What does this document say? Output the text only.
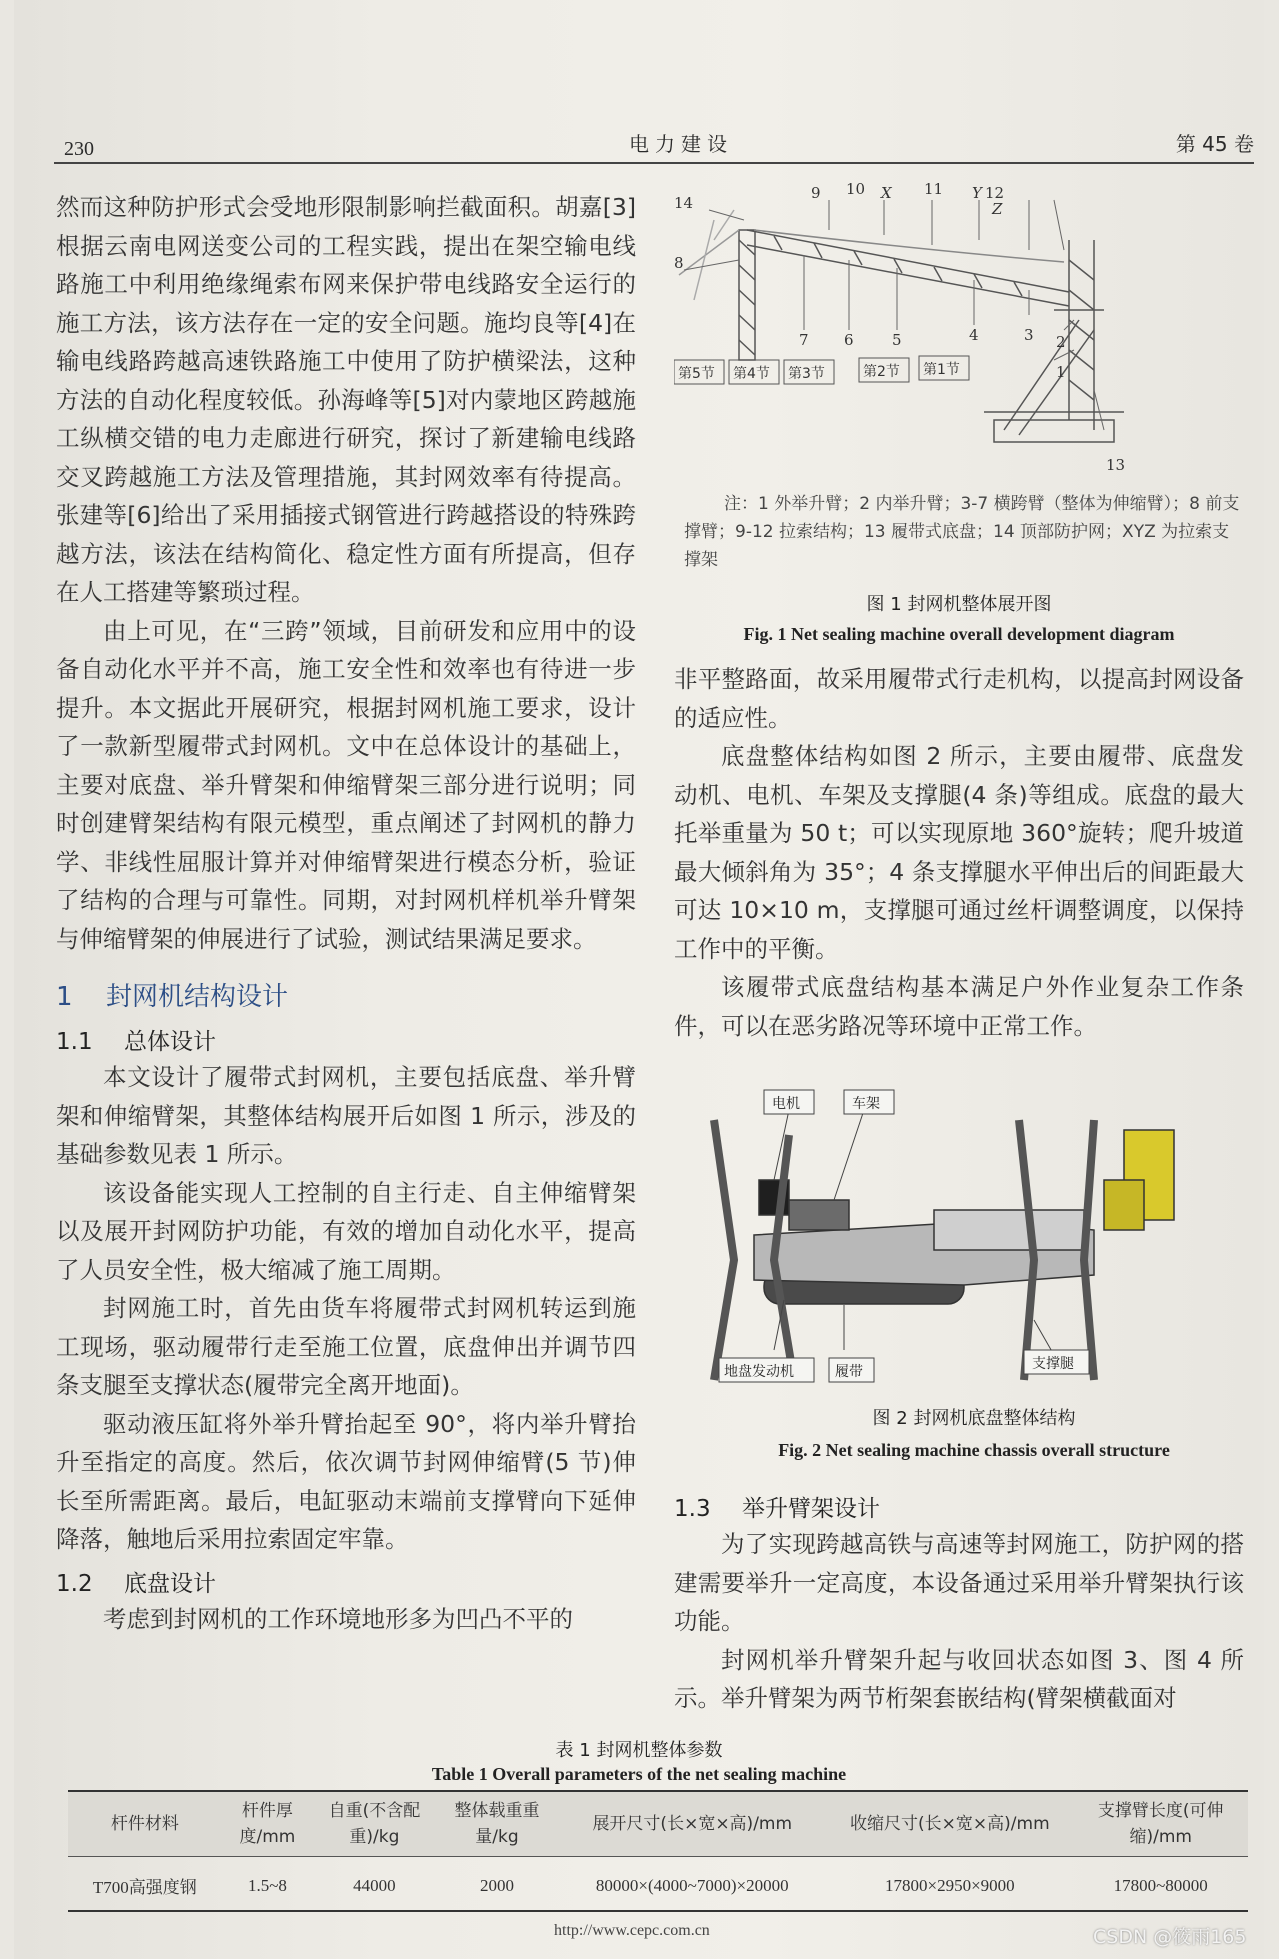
230	电力建设	第 45 卷

然而这种防护形式会受地形限制影响拦截面积。胡嘉[3]根据云南电网送变公司的工程实践，提出在架空输电线路施工中利用绝缘绳索布网来保护带电线路安全运行的施工方法，该方法存在一定的安全问题。施均良等[4]在输电线路跨越高速铁路施工中使用了防护横梁法，这种方法的自动化程度较低。孙海峰等[5]对内蒙地区跨越施工纵横交错的电力走廊进行研究，探讨了新建输电线路交叉跨越施工方法及管理措施，其封网效率有待提高。张建等[6]给出了采用插接式钢管进行跨越搭设的特殊跨越方法，该法在结构简化、稳定性方面有所提高，但存在人工搭建等繁琐过程。

由上可见，在“三跨”领域，目前研发和应用中的设备自动化水平并不高，施工安全性和效率也有待进一步提升。本文据此开展研究，根据封网机施工要求，设计了一款新型履带式封网机。文中在总体设计的基础上，主要对底盘、举升臂架和伸缩臂架三部分进行说明；同时创建臂架结构有限元模型，重点阐述了封网机的静力学、非线性屈服计算并对伸缩臂架进行模态分析，验证了结构的合理与可靠性。同期，对封网机样机举升臂架与伸缩臂架的伸展进行了试验，测试结果满足要求。

1 封网机结构设计
1.1 总体设计

本文设计了履带式封网机，主要包括底盘、举升臂架和伸缩臂架，其整体结构展开后如图 1 所示，涉及的基础参数见表 1 所示。

该设备能实现人工控制的自主行走、自主伸缩臂架以及展开封网防护功能，有效的增加自动化水平，提高了人员安全性，极大缩减了施工周期。

封网施工时，首先由货车将履带式封网机转运到施工现场，驱动履带行走至施工位置，底盘伸出并调节四条支腿至支撑状态(履带完全离开地面)。

驱动液压缸将外举升臂抬起至 90°，将内举升臂抬升至指定的高度。然后，依次调节封网伸缩臂(5 节)伸长至所需距离。最后，电缸驱动末端前支撑臂向下延伸降落，触地后采用拉索固定牢靠。

1.2 底盘设计

考虑到封网机的工作环境地形多为凹凸不平的

14
8
9 10 X 11 Y 12
Z
7 6	5	4	3 2
1
13
第5节 第4节 第3节	第2节 第1节
注：1 外举升臂；2 内举升臂；3-7 横跨臂（整体为伸缩臂）；8 前支撑臂；9-12 拉索结构；13 履带式底盘；14 顶部防护网；XYZ 为拉索支撑架
图 1 封网机整体展开图
Fig. 1 Net sealing machine overall development diagram

非平整路面，故采用履带式行走机构，以提高封网设备的适应性。

底盘整体结构如图 2 所示，主要由履带、底盘发动机、电机、车架及支撑腿(4 条)等组成。底盘的最大托举重量为 50 t；可以实现原地 360°旋转；爬升坡道最大倾斜角为 35°；4 条支撑腿水平伸出后的间距最大可达 10×10 m，支撑腿可通过丝杆调整调度，以保持工作中的平衡。

该履带式底盘结构基本满足户外作业复杂工作条件，可以在恶劣路况等环境中正常工作。

电机	车架
地盘发动机	履带	支撑腿
图 2 封网机底盘整体结构
Fig. 2 Net sealing machine chassis overall structure
1.3 举升臂架设计

为了实现跨越高铁与高速等封网施工，防护网的搭建需要举升一定高度，本设备通过采用举升臂架执行该功能。

封网机举升臂架升起与收回状态如图 3、图 4 所示。举升臂架为两节桁架套嵌结构(臂架横截面对

表 1 封网机整体参数
Table 1 Overall parameters of the net sealing machine
杆件材料	杆件厚度/mm	自重(不含配重)/kg	整体载重重量/kg	展开尺寸(长×宽×高)/mm	收缩尺寸(长×宽×高)/mm	支撑臂长度(可伸缩)/mm
T700高强度钢	1.5~8	44000	2000	80000×(4000~7000)×20000	17800×2950×9000	17800~80000
http://www.cepc.com.cn	CSDN @筱雨165
